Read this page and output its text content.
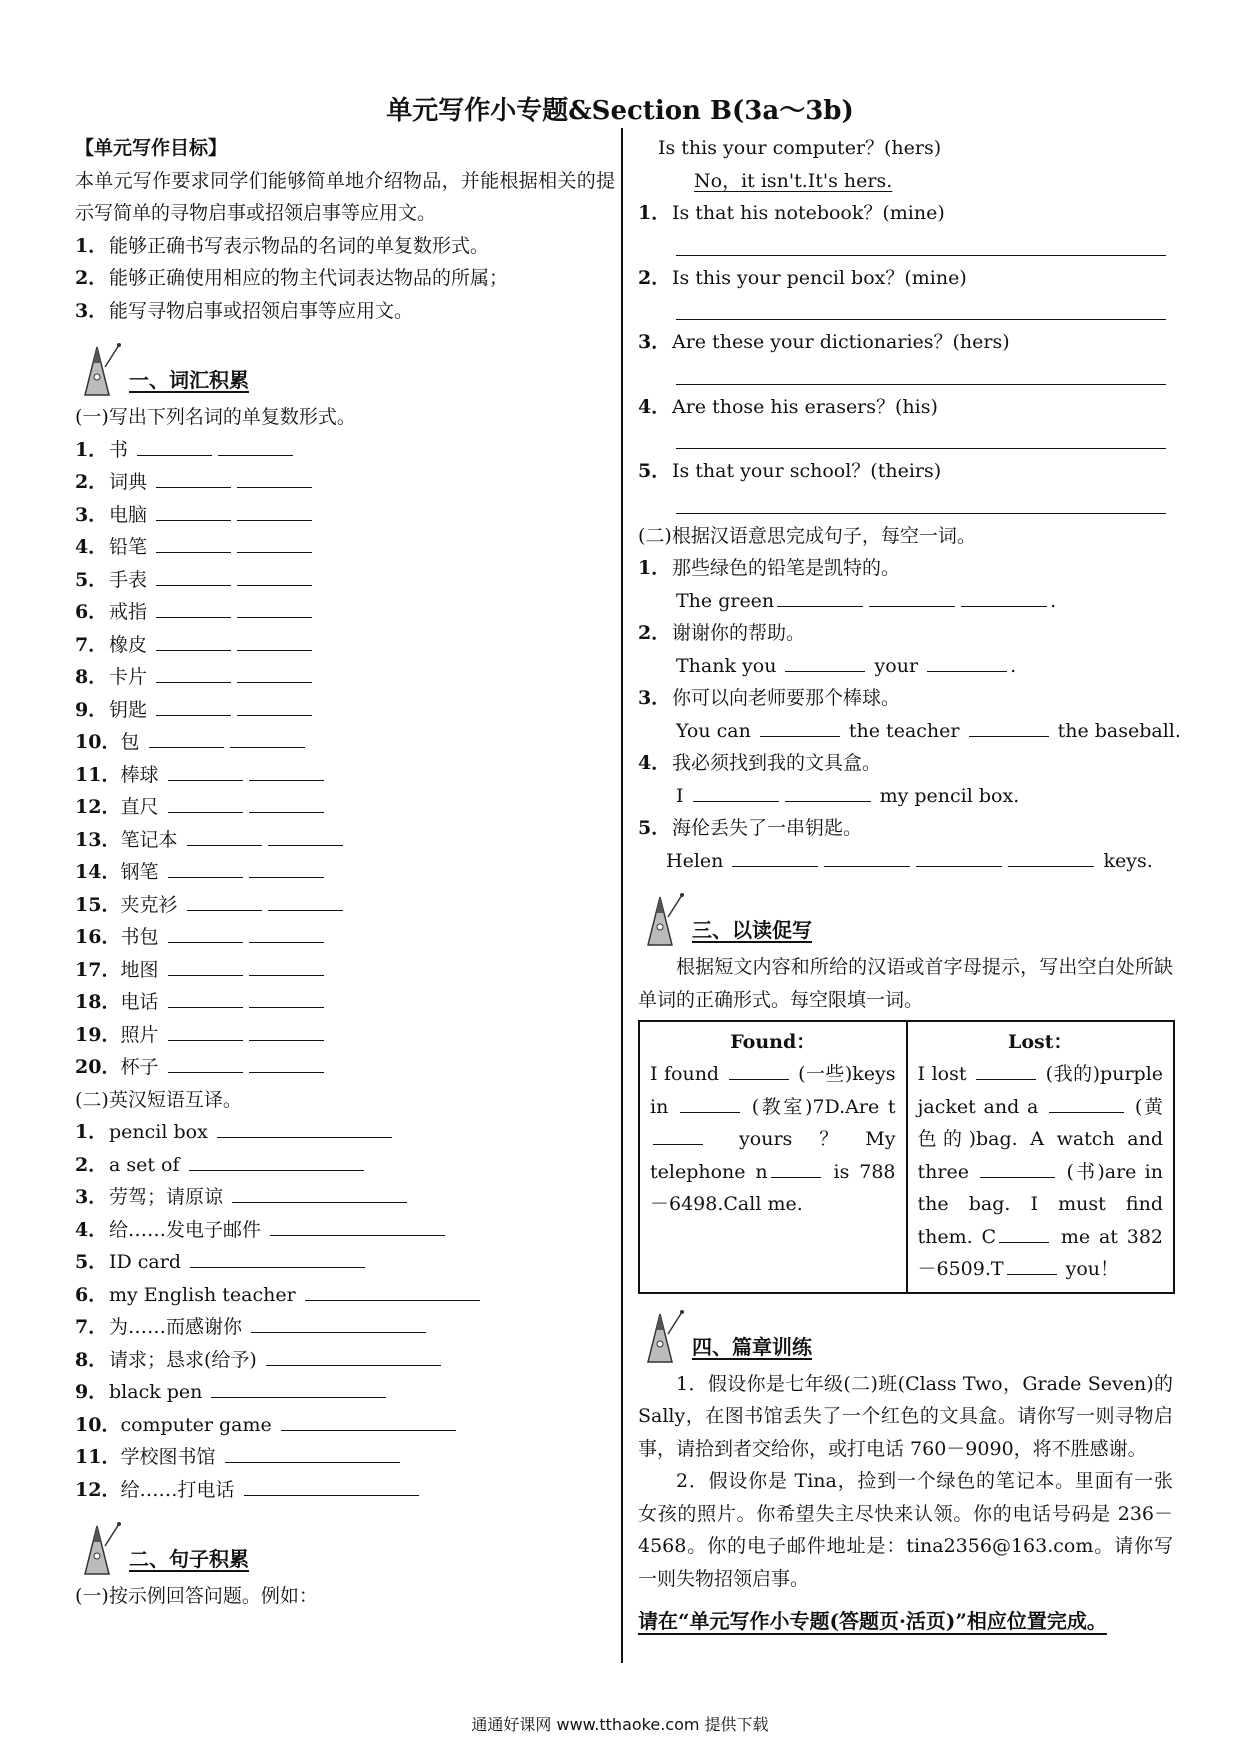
单元写作小专题&Section B(3a～3b)
【单元写作目标】
本单元写作要求同学们能够简单地介绍物品，并能根据相关的提示写简单的寻物启事或招领启事等应用文。
1．能够正确书写表示物品的名词的单复数形式。
2．能够正确使用相应的物主代词表达物品的所属；
3．能写寻物启事或招领启事等应用文。
一、词汇积累
(一)写出下列名词的单复数形式。
1．书
2．词典
3．电脑
4．铅笔
5．手表
6．戒指
7．橡皮
8．卡片
9．钥匙
10．包
11．棒球
12．直尺
13．笔记本
14．钢笔
15．夹克衫
16．书包
17．地图
18．电话
19．照片
20．杯子
(二)英汉短语互译。
1．pencil box
2．a set of
3．劳驾；请原谅
4．给……发电子邮件
5．ID card
6．my English teacher
7．为……而感谢你
8．请求；恳求(给予)
9．black pen
10．computer game
11．学校图书馆
12．给……打电话
二、句子积累
(一)按示例回答问题。例如：
Is this your computer？(hers)
No，it isn't.It's hers.
1．Is that his notebook？(mine)
2．Is this your pencil box？(mine)
3．Are these your dictionaries？(hers)
4．Are those his erasers？(his)
5．Is that your school？(theirs)
(二)根据汉语意思完成句子，每空一词。
1．那些绿色的铅笔是凯特的。
The green	.
2．谢谢你的帮助。
Thank you	your	.
3．你可以向老师要那个棒球。
You can	the teacher	the baseball.
4．我必须找到我的文具盒。
I	my pencil box.
5．海伦丢失了一串钥匙。
Helen	keys.
三、以读促写
根据短文内容和所给的汉语或首字母提示，写出空白处所缺单词的正确形式。每空限填一词。
Found：
I found	(一些)keys in	(教室)7D.Are t yours？My telephone n	is 788－6498.Call me.

Lost：
I lost	(我的)purple jacket and a	(黄色的)bag. A watch and three	(书)are in the bag. I must find them. C	me at 382－6509.T	you！
四、篇章训练
1．假设你是七年级(二)班(Class Two，Grade Seven)的 Sally，在图书馆丢失了一个红色的文具盒。请你写一则寻物启事，请拾到者交给你，或打电话 760－9090，将不胜感谢。
2．假设你是 Tina，捡到一个绿色的笔记本。里面有一张女孩的照片。你希望失主尽快来认领。你的电话号码是 236－4568。你的电子邮件地址是：tina2356@163.com。请你写一则失物招领启事。
请在“单元写作小专题(答题页·活页)”相应位置完成。
通通好课网 www.tthaoke.com 提供下载
